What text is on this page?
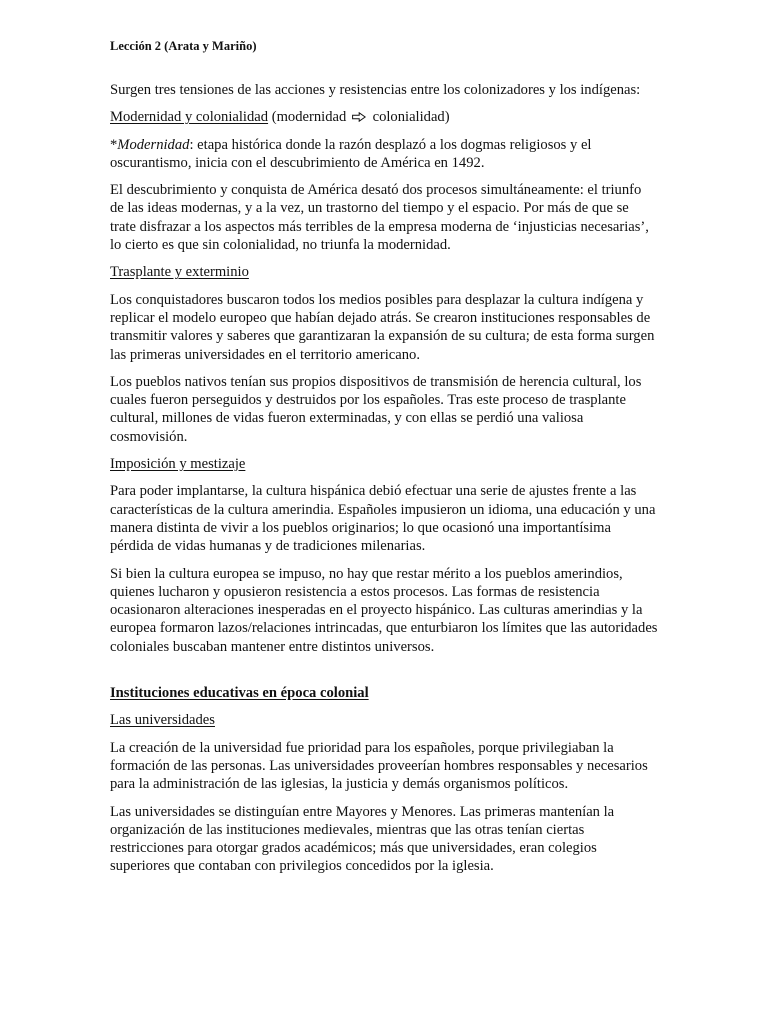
Lección 2 (Arata y Mariño)

Surgen tres tensiones de las acciones y resistencias entre los colonizadores y los indígenas:

Modernidad y colonialidad (modernidad
colonialidad)

*Modernidad: etapa histórica donde la razón desplazó a los dogmas religiosos y el oscurantismo, inicia con el descubrimiento de América en 1492.

El descubrimiento y conquista de América desató dos procesos simultáneamente: el triunfo de las ideas modernas, y a la vez, un trastorno del tiempo y el espacio. Por más de que se trate disfrazar a los aspectos más terribles de la empresa moderna de ‘injusticias necesarias’, lo cierto es que sin colonialidad, no triunfa la modernidad.

Trasplante y exterminio

Los conquistadores buscaron todos los medios posibles para desplazar la cultura indígena y replicar el modelo europeo que habían dejado atrás. Se crearon instituciones responsables de transmitir valores y saberes que garantizaran la expansión de su cultura; de esta forma surgen las primeras universidades en el territorio americano.

Los pueblos nativos tenían sus propios dispositivos de transmisión de herencia cultural, los cuales fueron perseguidos y destruidos por los españoles. Tras este proceso de trasplante cultural, millones de vidas fueron exterminadas, y con ellas se perdió una valiosa cosmovisión.

Imposición y mestizaje

Para poder implantarse, la cultura hispánica debió efectuar una serie de ajustes frente a las características de la cultura amerindia. Españoles impusieron un idioma, una educación y una manera distinta de vivir a los pueblos originarios; lo que ocasionó una importantísima pérdida de vidas humanas y de tradiciones milenarias.

Si bien la cultura europea se impuso, no hay que restar mérito a los pueblos amerindios, quienes lucharon y opusieron resistencia a estos procesos. Las formas de resistencia ocasionaron alteraciones inesperadas en el proyecto hispánico. Las culturas amerindias y la europea formaron lazos/relaciones intrincadas, que enturbiaron los límites que las autoridades coloniales buscaban mantener entre distintos universos.

Instituciones educativas en época colonial

Las universidades

La creación de la universidad fue prioridad para los españoles, porque privilegiaban la formación de las personas. Las universidades proveerían hombres responsables y necesarios para la administración de las iglesias, la justicia y demás organismos políticos.

Las universidades se distinguían entre Mayores y Menores. Las primeras mantenían la organización de las instituciones medievales, mientras que las otras tenían ciertas restricciones para otorgar grados académicos; más que universidades, eran colegios superiores que contaban con privilegios concedidos por la iglesia.
